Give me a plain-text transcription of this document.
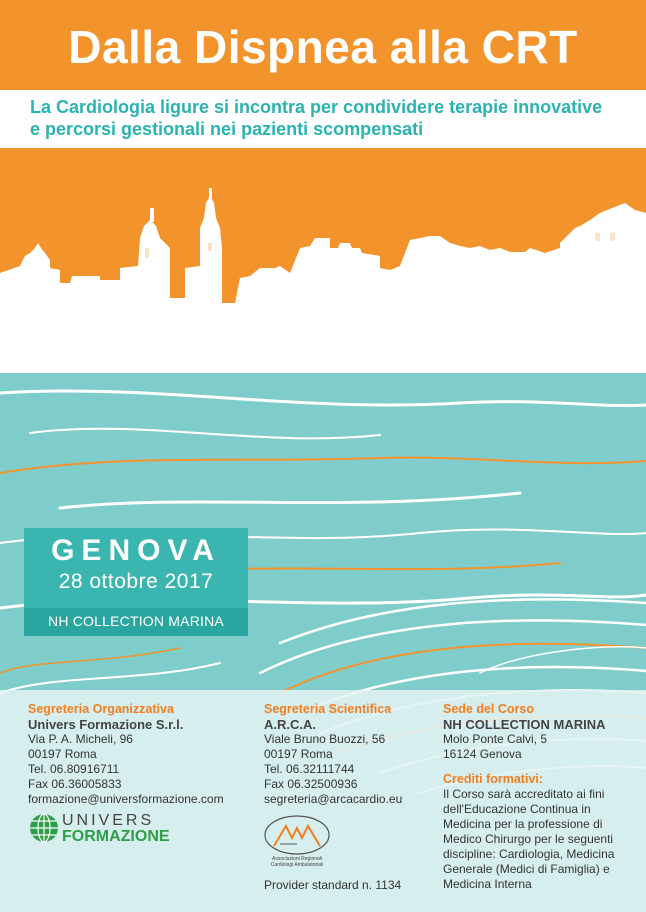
Dalla Dispnea alla CRT
La Cardiologia ligure si incontra per condividere terapie innovative
e percorsi gestionali nei pazienti scompensati
GENOVA
28 ottobre 2017
NH COLLECTION MARINA
Segreteria Organizzativa
Univers Formazione S.r.l.
Via P. A. Micheli, 96
00197 Roma
Tel. 06.80916711
Fax 06.36005833
formazione@universformazione.com
UNIVERS
FORMAZIONE
Segreteria Scientifica
A.R.C.A.
Viale Bruno Buozzi, 56
00197 Roma
Tel. 06.32111744
Fax 06.32500936
segreteria@arcacardio.eu
Associazioni Regionali
Cardiologi Ambulatoriali
Provider standard n. 1134
Sede del Corso
NH COLLECTION MARINA
Molo Ponte Calvi, 5
16124 Genova
Crediti formativi:
Il Corso sarà accreditato ai fini
dell'Educazione Continua in
Medicina per la professione di
Medico Chirurgo per le seguenti
discipline: Cardiologia, Medicina
Generale (Medici di Famiglia) e
Medicina Interna
